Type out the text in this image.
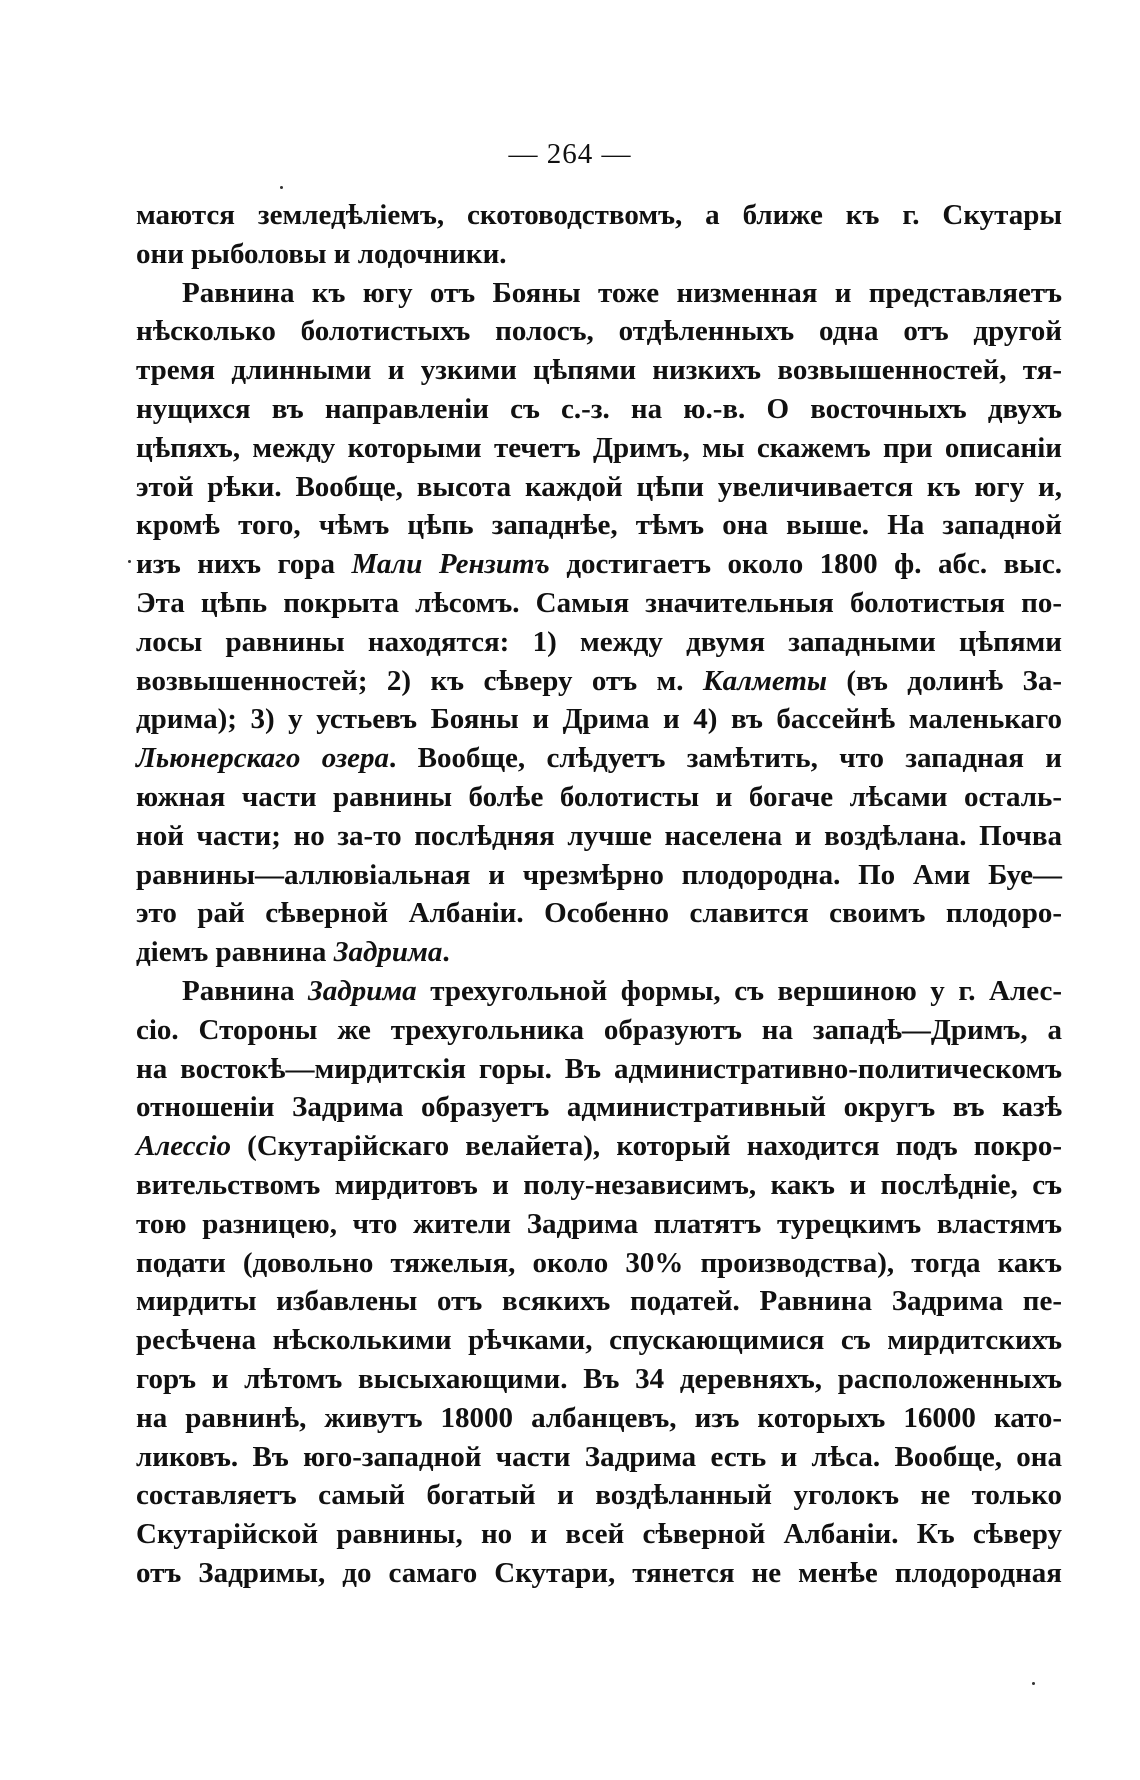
— 264 —
маются земледѣліемъ, скотоводствомъ, а ближе къ г. Скутары
они рыболовы и лодочники.
Равнина къ югу отъ Бояны тоже низменная и представляетъ
нѣсколько болотистыхъ полосъ, отдѣленныхъ одна отъ другой
тремя длинными и узкими цѣпями низкихъ возвышенностей, тя-
нущихся въ направленіи съ с.-з. на ю.-в. О восточныхъ двухъ
цѣпяхъ, между которыми течетъ Дримъ, мы скажемъ при описаніи
этой рѣки. Вообще, высота каждой цѣпи увеличивается къ югу и,
кромѣ того, чѣмъ цѣпь западнѣе, тѣмъ она выше. На западной
изъ нихъ гора Мали Рензитъ достигаетъ около 1800 ф. абс. выс.
Эта цѣпь покрыта лѣсомъ. Самыя значительныя болотистыя по-
лосы равнины находятся: 1) между двумя западными цѣпями
возвышенностей; 2) къ сѣверу отъ м. Калметы (въ долинѣ За-
дрима); 3) у устьевъ Бояны и Дрима и 4) въ бассейнѣ маленькаго
Льюнерскаго озера. Вообще, слѣдуетъ замѣтить, что западная и
южная части равнины болѣе болотисты и богаче лѣсами осталь-
ной части; но за-то послѣдняя лучше населена и воздѣлана. Почва
равнины—аллювіальная и чрезмѣрно плодородна. По Ами Буе—
это рай сѣверной Албаніи. Особенно славится своимъ плодоро-
діемъ равнина Задрима.
Равнина Задрима трехугольной формы, съ вершиною у г. Алес-
сіо. Стороны же трехугольника образуютъ на западѣ—Дримъ, а
на востокѣ—мирдитскія горы. Въ административно-политическомъ
отношеніи Задрима образуетъ административный округъ въ казѣ
Алессіо (Скутарійскаго велайета), который находится подъ покро-
вительствомъ мирдитовъ и полу-независимъ, какъ и послѣдніе, съ
тою разницею, что жители Задрима платятъ турецкимъ властямъ
подати (довольно тяжелыя, около 30% производства), тогда какъ
мирдиты избавлены отъ всякихъ податей. Равнина Задрима пе-
ресѣчена нѣсколькими рѣчками, спускающимися съ мирдитскихъ
горъ и лѣтомъ высыхающими. Въ 34 деревняхъ, расположенныхъ
на равнинѣ, живутъ 18000 албанцевъ, изъ которыхъ 16000 като-
ликовъ. Въ юго-западной части Задрима есть и лѣса. Вообще, она
составляетъ самый богатый и воздѣланный уголокъ не только
Скутарійской равнины, но и всей сѣверной Албаніи. Къ сѣверу
отъ Задримы, до самаго Скутари, тянется не менѣе плодородная
